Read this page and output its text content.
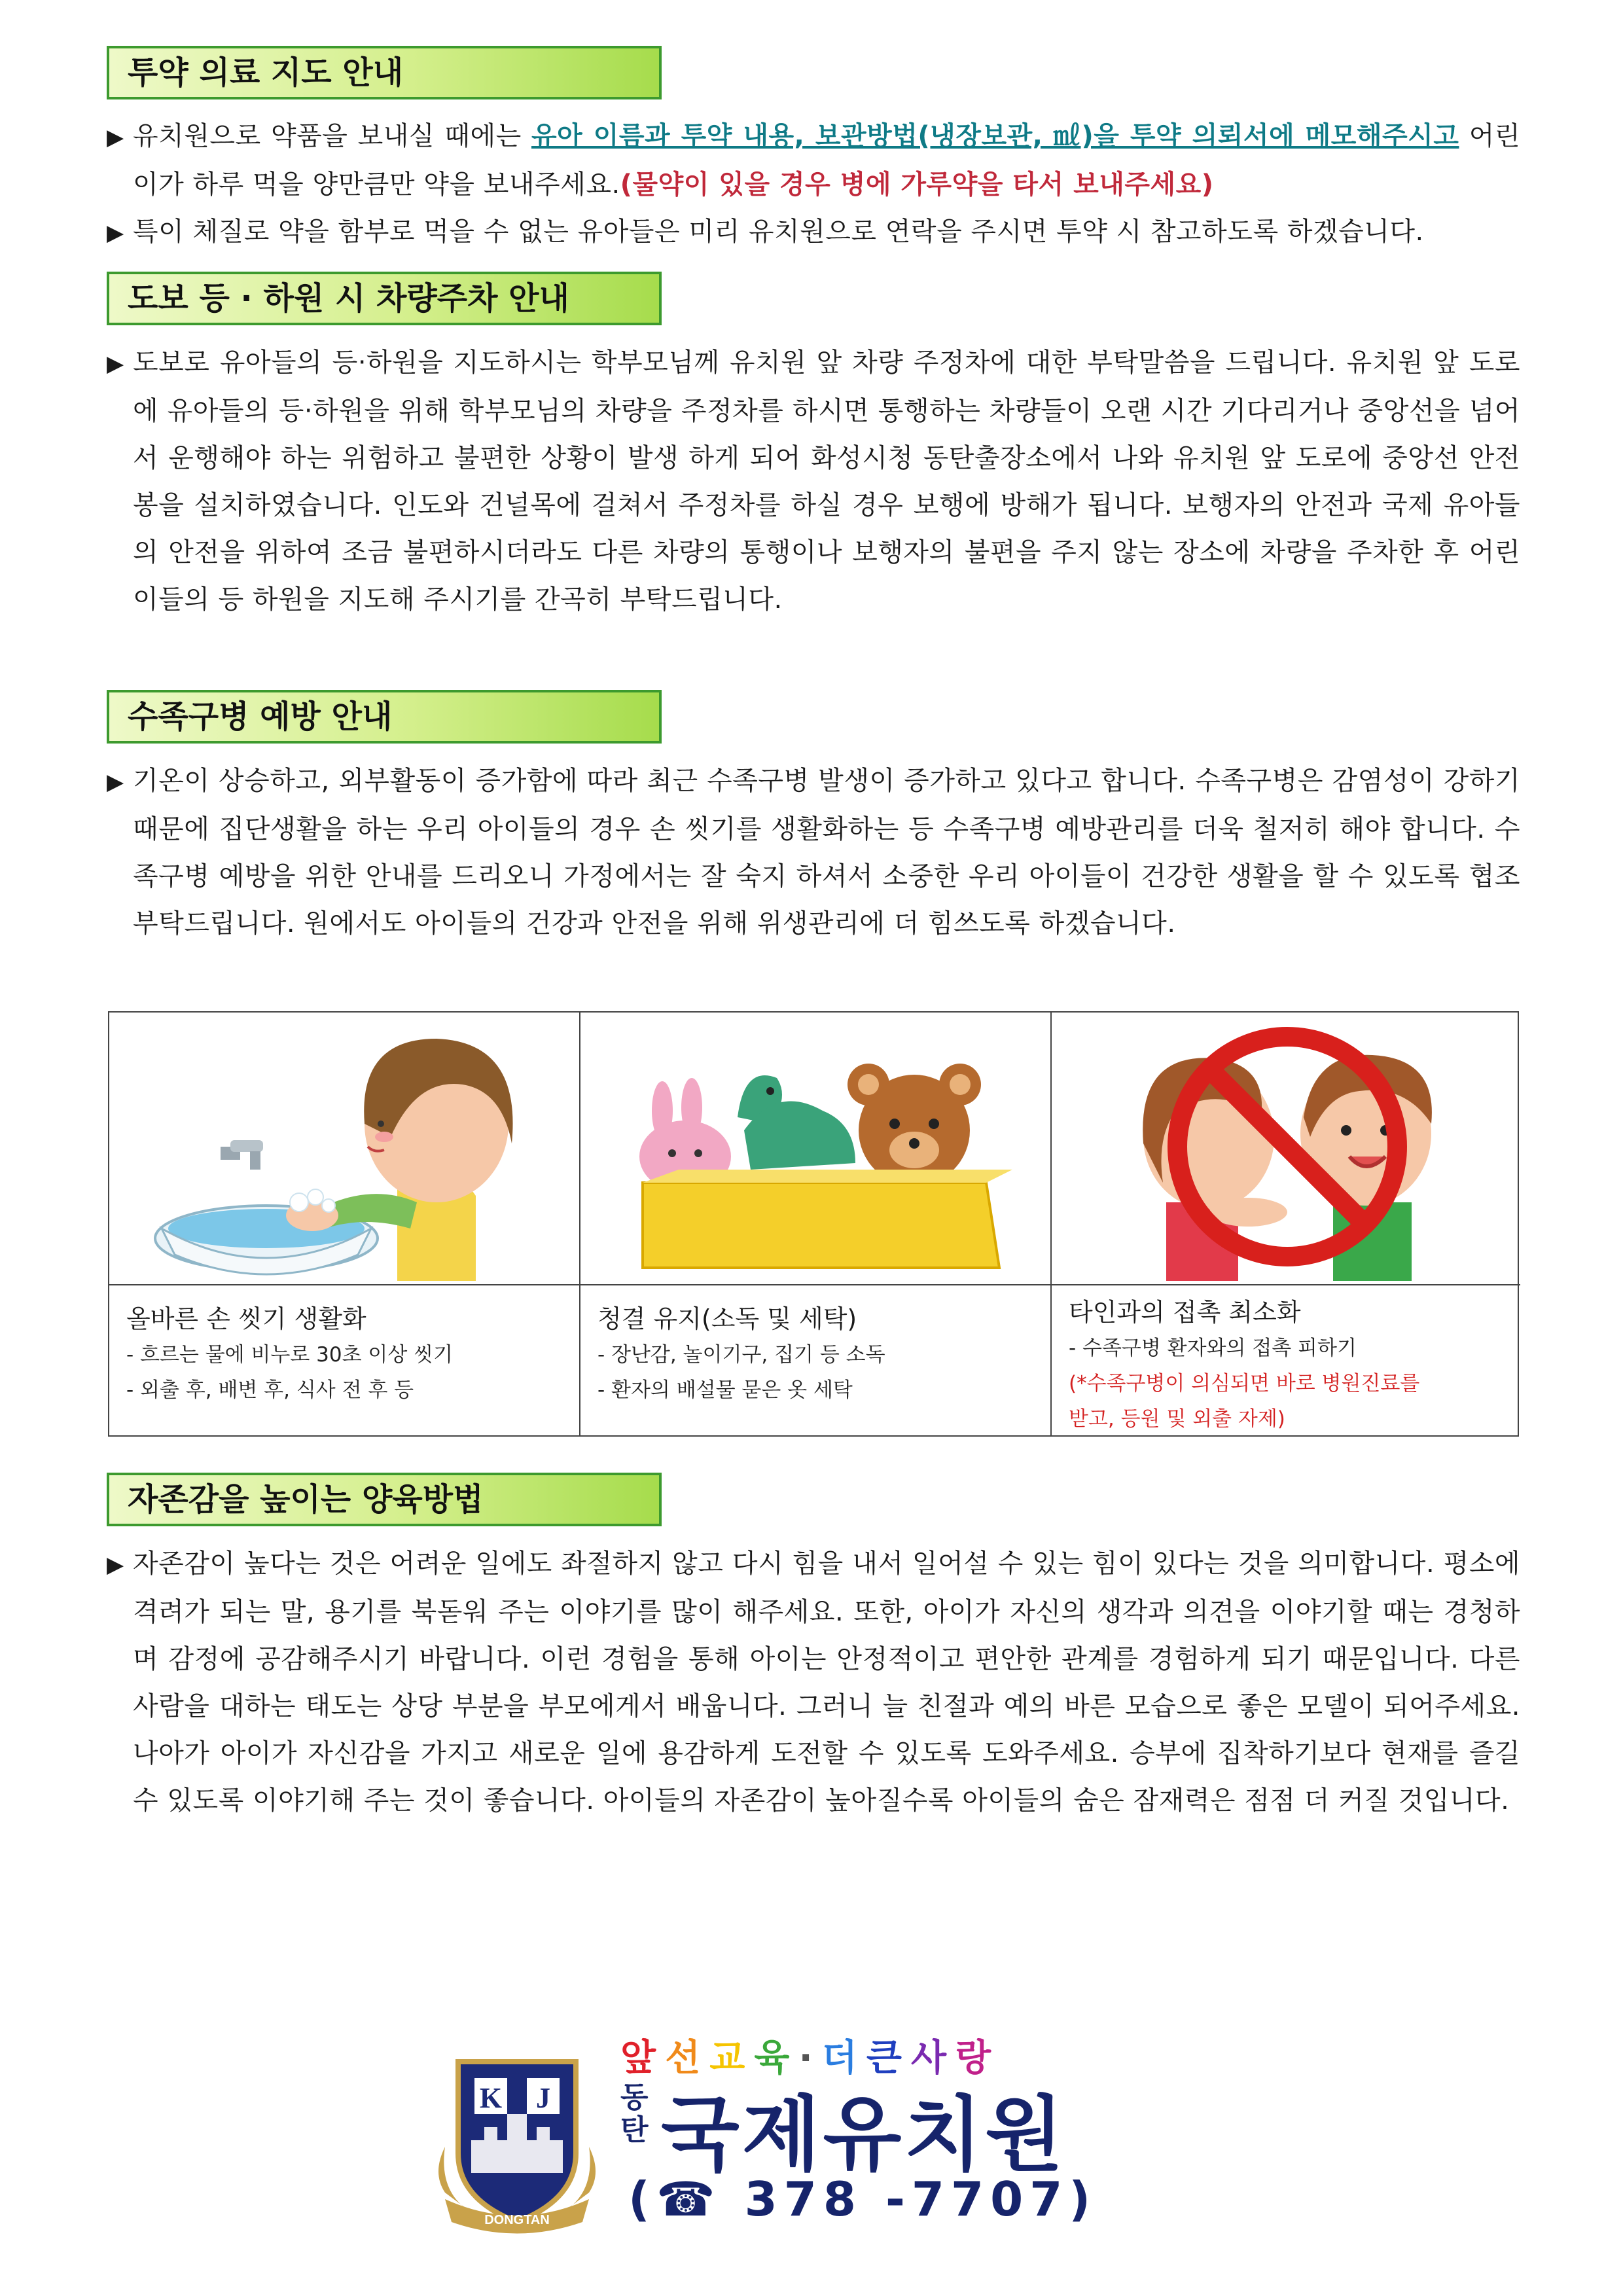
투약 의료 지도 안내

▶ 유치원으로 약품을 보내실 때에는 유아 이름과 투약 내용, 보관방법(냉장보관, ㎖)을 투약 의뢰서에 메모해주시고 어린이가 하루 먹을 양만큼만 약을 보내주세요.(물약이 있을 경우 병에 가루약을 타서 보내주세요)

▶ 특이 체질로 약을 함부로 먹을 수 없는 유아들은 미리 유치원으로 연락을 주시면 투약 시 참고하도록 하겠습니다.

도보 등 · 하원 시 차량주차 안내

▶ 도보로 유아들의 등·하원을 지도하시는 학부모님께 유치원 앞 차량 주정차에 대한 부탁말씀을 드립니다. 유치원 앞 도로에 유아들의 등·하원을 위해 학부모님의 차량을 주정차를 하시면 통행하는 차량들이 오랜 시간 기다리거나 중앙선을 넘어서 운행해야 하는 위험하고 불편한 상황이 발생 하게 되어 화성시청 동탄출장소에서 나와 유치원 앞 도로에 중앙선 안전봉을 설치하였습니다. 인도와 건널목에 걸쳐서 주정차를 하실 경우 보행에 방해가 됩니다. 보행자의 안전과 국제 유아들의 안전을 위하여 조금 불편하시더라도 다른 차량의 통행이나 보행자의 불편을 주지 않는 장소에 차량을 주차한 후 어린이들의 등 하원을 지도해 주시기를 간곡히 부탁드립니다.

수족구병 예방 안내

▶ 기온이 상승하고, 외부활동이 증가함에 따라 최근 수족구병 발생이 증가하고 있다고 합니다. 수족구병은 감염성이 강하기 때문에 집단생활을 하는 우리 아이들의 경우 손 씻기를 생활화하는 등 수족구병 예방관리를 더욱 철저히 해야 합니다. 수족구병 예방을 위한 안내를 드리오니 가정에서는 잘 숙지 하셔서 소중한 우리 아이들이 건강한 생활을 할 수 있도록 협조 부탁드립니다. 원에서도 아이들의 건강과 안전을 위해 위생관리에 더 힘쓰도록 하겠습니다.

올바른 손 씻기 생활화
- 흐르는 물에 비누로 30초 이상 씻기
- 외출 후, 배변 후, 식사 전 후 등
청결 유지(소독 및 세탁)
- 장난감, 놀이기구, 집기 등 소독
- 환자의 배설물 묻은 옷 세탁
타인과의 접촉 최소화
- 수족구병 환자와의 접촉 피하기
(*수족구병이 의심되면 바로 병원진료를
받고, 등원 및 외출 자제)
자존감을 높이는 양육방법

▶ 자존감이 높다는 것은 어려운 일에도 좌절하지 않고 다시 힘을 내서 일어설 수 있는 힘이 있다는 것을 의미합니다. 평소에 격려가 되는 말, 용기를 북돋워 주는 이야기를 많이 해주세요. 또한, 아이가 자신의 생각과 의견을 이야기할 때는 경청하며 감정에 공감해주시기 바랍니다. 이런 경험을 통해 아이는 안정적이고 편안한 관계를 경험하게 되기 때문입니다. 다른 사람을 대하는 태도는 상당 부분을 부모에게서 배웁니다. 그러니 늘 친절과 예의 바른 모습으로 좋은 모델이 되어주세요. 나아가 아이가 자신감을 가지고 새로운 일에 용감하게 도전할 수 있도록 도와주세요. 승부에 집착하기보다 현재를 즐길 수 있도록 이야기해 주는 것이 좋습니다. 아이들의 자존감이 높아질수록 아이들의 숨은 잠재력은 점점 더 커질 것입니다.

K J
DONGTAN
앞선교육·더큰사랑
동
탄 국제유치원
(☎ 378 -7707)
